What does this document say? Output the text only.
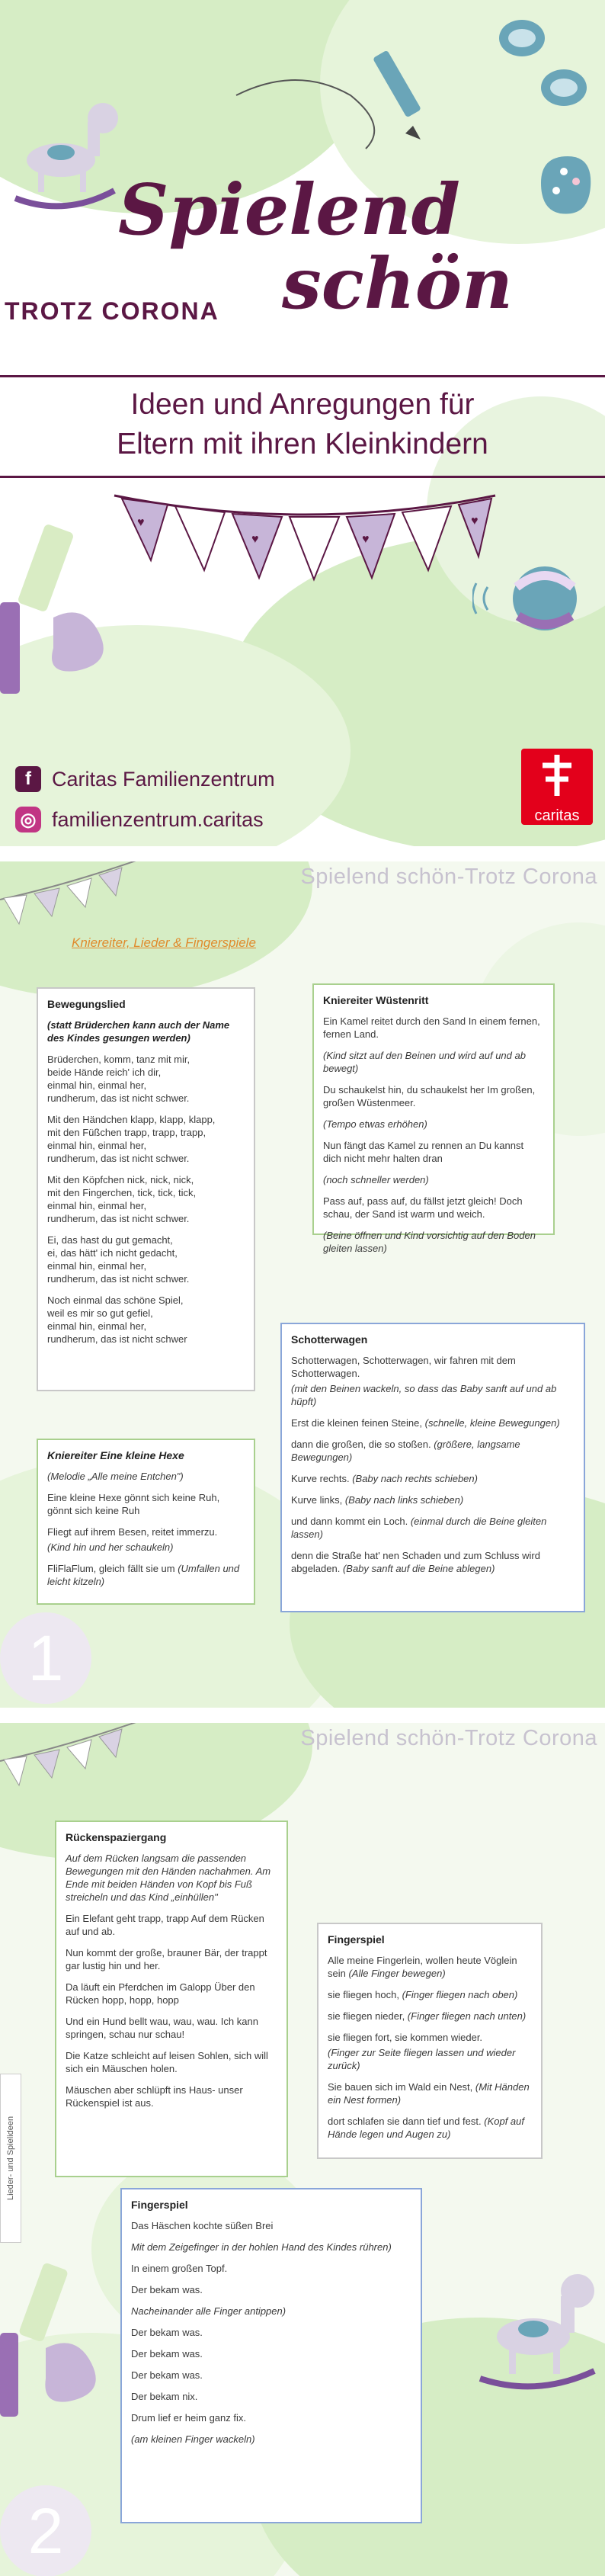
Spielend
schön
TROTZ CORONA
Ideen und Anregungen für
Eltern mit ihren Kleinkindern
♥
♥	♥
♥
f	Caritas Familienzentrum
◎ familienzentrum.caritas	caritas
Spielend schön-Trotz Corona
Kniereiter, Lieder & Fingerspiele
Bewegungslied

(statt Brüderchen kann auch der Name des Kindes gesungen werden)

Brüderchen, komm, tanz mit mir,
beide Hände reich' ich dir,
einmal hin, einmal her,
rundherum, das ist nicht schwer.

Mit den Händchen klapp, klapp, klapp,
mit den Füßchen trapp, trapp, trapp,
einmal hin, einmal her,
rundherum, das ist nicht schwer.

Mit den Köpfchen nick, nick, nick,
mit den Fingerchen, tick, tick, tick,
einmal hin, einmal her,
rundherum, das ist nicht schwer.

Ei, das hast du gut gemacht,
ei, das hätt' ich nicht gedacht,
einmal hin, einmal her,
rundherum, das ist nicht schwer.

Noch einmal das schöne Spiel,
weil es mir so gut gefiel,
einmal hin, einmal her,
rundherum, das ist nicht schwer

Kniereiter Wüstenritt

Ein Kamel reitet durch den Sand In einem fernen, fernen Land.

(Kind sitzt auf den Beinen und wird auf und ab bewegt)

Du schaukelst hin, du schaukelst her Im großen, großen Wüstenmeer.

(Tempo etwas erhöhen)

Nun fängt das Kamel zu rennen an Du kannst dich nicht mehr halten dran

(noch schneller werden)

Pass auf, pass auf, du fällst jetzt gleich! Doch schau, der Sand ist warm und weich.

(Beine öffnen und Kind vorsichtig auf den Boden gleiten lassen)

Kniereiter Eine kleine Hexe

(Melodie „Alle meine Entchen")

Eine kleine Hexe gönnt sich keine Ruh, gönnt sich keine Ruh

Fliegt auf ihrem Besen, reitet immerzu.

(Kind hin und her schaukeln)

FliFlaFlum, gleich fällt sie um (Umfallen und leicht kitzeln)

Schotterwagen

Schotterwagen, Schotterwagen, wir fahren mit dem Schotterwagen.

(mit den Beinen wackeln, so dass das Baby sanft auf und ab hüpft)

Erst die kleinen feinen Steine, (schnelle, kleine Bewegungen)

dann die großen, die so stoßen. (größere, langsame Bewegungen)

Kurve rechts. (Baby nach rechts schieben)

Kurve links, (Baby nach links schieben)

und dann kommt ein Loch. (einmal durch die Beine gleiten lassen)

denn die Straße hat' nen Schaden und zum Schluss wird abgeladen. (Baby sanft auf die Beine ablegen)

1
Spielend schön-Trotz Corona
Rückenspaziergang

Auf dem Rücken langsam die passenden Bewegungen mit den Händen nachahmen. Am Ende mit beiden Händen von Kopf bis Fuß streicheln und das Kind „einhüllen"

Ein Elefant geht trapp, trapp Auf dem Rücken auf und ab.

Nun kommt der große, brauner Bär, der trappt gar lustig hin und her.

Da läuft ein Pferdchen im Galopp Über den Rücken hopp, hopp, hopp

Und ein Hund bellt wau, wau, wau. Ich kann springen, schau nur schau!

Die Katze schleicht auf leisen Sohlen, sich will sich ein Mäuschen holen.

Mäuschen aber schlüpft ins Haus- unser Rückenspiel ist aus.

Fingerspiel

Alle meine Fingerlein, wollen heute Vöglein sein (Alle Finger bewegen)

sie fliegen hoch, (Finger fliegen nach oben)

sie fliegen nieder, (Finger fliegen nach unten)

sie fliegen fort, sie kommen wieder.

(Finger zur Seite fliegen lassen und wieder zurück)

Sie bauen sich im Wald ein Nest, (Mit Händen ein Nest formen)

dort schlafen sie dann tief und fest. (Kopf auf Hände legen und Augen zu)

Lieder- und Spielideen
Fingerspiel

Das Häschen kochte süßen Brei

Mit dem Zeigefinger in der hohlen Hand des Kindes rühren)

In einem großen Topf.

Der bekam was.

Nacheinander alle Finger antippen)

Der bekam was.

Der bekam was.

Der bekam was.

Der bekam nix.

Drum lief er heim ganz fix.

(am kleinen Finger wackeln)

2
